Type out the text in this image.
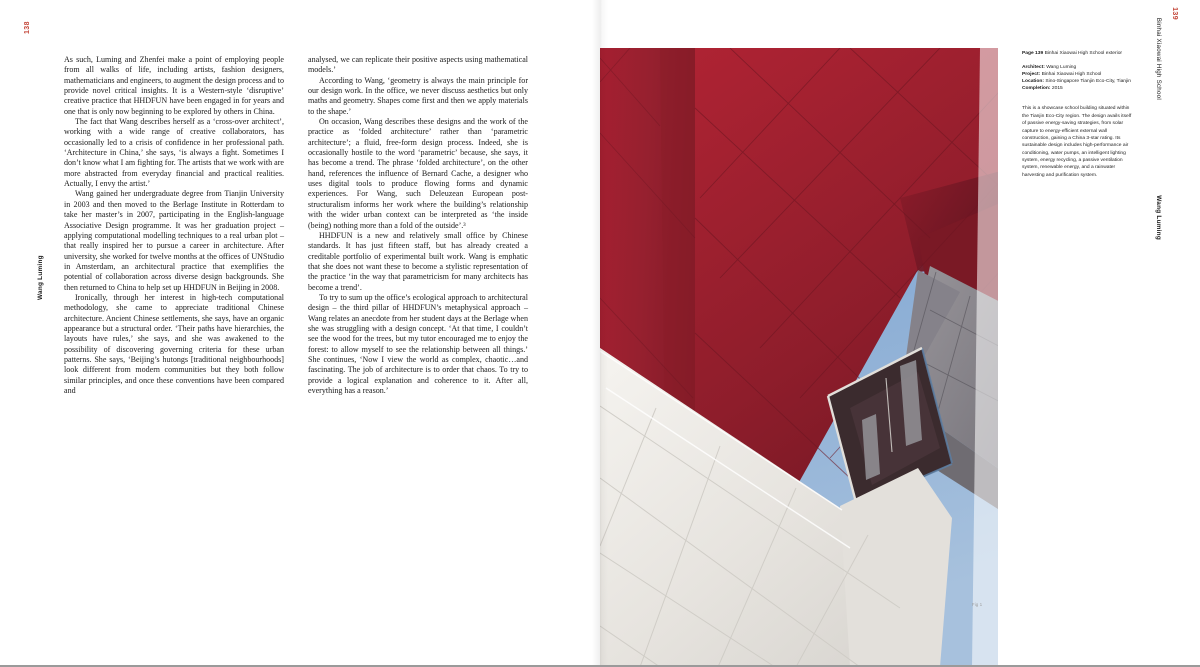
138
Wang Luming

As such, Luming and Zhenfei make a point of employing people from all walks of life, including artists, fashion designers, mathematicians and engineers, to augment the design process and to provide novel critical insights. It is a Western-style ‘disruptive’ creative practice that HHDFUN have been engaged in for years and one that is only now beginning to be explored by others in China.

The fact that Wang describes herself as a ‘cross-over architect’, working with a wide range of creative collaborators, has occasionally led to a crisis of confidence in her professional path. ‘Architecture in China,’ she says, ‘is always a fight. Sometimes I don’t know what I am fighting for. The artists that we work with are more abstracted from everyday financial and practical realities. Actually, I envy the artist.’

Wang gained her undergraduate degree from Tianjin University in 2003 and then moved to the Berlage Institute in Rotterdam to take her master’s in 2007, participating in the English-language Associative Design programme. It was her graduation project – applying computational modelling techniques to a real urban plot – that really inspired her to pursue a career in architecture. After university, she worked for twelve months at the offices of UNStudio in Amsterdam, an architectural practice that exemplifies the potential of collaboration across diverse design backgrounds. She then returned to China to help set up HHDFUN in Beijing in 2008.

Ironically, through her interest in high-tech computational methodology, she came to appreciate traditional Chinese architecture. Ancient Chinese settlements, she says, have an organic appearance but a structural order. ‘Their paths have hierarchies, the layouts have rules,’ she says, and she was awakened to the possibility of discovering governing criteria for these urban patterns. She says, ‘Beijing’s hutongs [traditional neighbourhoods] look different from modern communities but they both follow similar principles, and once these conventions have been compared and

analysed, we can replicate their positive aspects using mathematical models.’

According to Wang, ‘geometry is always the main principle for our design work. In the office, we never discuss aesthetics but only maths and geometry. Shapes come first and then we apply materials to the shape.’

On occasion, Wang describes these designs and the work of the practice as ‘folded architecture’ rather than ‘parametric architecture’; a fluid, free-form design process. Indeed, she is occasionally hostile to the word ‘parametric’ because, she says, it has become a trend. The phrase ‘folded architecture’, on the other hand, references the influence of Bernard Cache, a designer who uses digital tools to produce flowing forms and dynamic experiences. For Wang, such Deleuzean European post-structuralism informs her work where the building’s relationship with the wider urban context can be interpreted as ‘the inside (being) nothing more than a fold of the outside’.³

HHDFUN is a new and relatively small office by Chinese standards. It has just fifteen staff, but has already created a creditable portfolio of experimental built work. Wang is emphatic that she does not want these to become a stylistic representation of the practice ‘in the way that parametricism for many architects has become a trend’.

To try to sum up the office’s ecological approach to architectural design – the third pillar of HHDFUN’s metaphysical approach – Wang relates an anecdote from her student days at the Berlage when she was struggling with a design concept. ‘At that time, I couldn’t see the wood for the trees, but my tutor encouraged me to enjoy the forest: to allow myself to see the relationship between all things.’ She continues, ‘Now I view the world as complex, chaotic…and fascinating. The job of architecture is to order that chaos. To try to provide a logical explanation and coherence to it. After all, everything has a reason.’

139
Binhai Xiaowai High School
Wang Luming
Fig 1

Page 139 Binhai Xiaowai High School exterior

Architect: Wang Luming

Project: Binhai Xiaowai High School

Location: Sino-Singapore Tianjin Eco-City, Tianjin

Completion: 2015

This is a showcase school building situated within the Tianjin Eco-City region. The design avails itself of passive energy-saving strategies, from solar capture to energy-efficient external wall construction, gaining a China 3-star rating. Its sustainable design includes high-performance air conditioning, water pumps, an intelligent lighting system, energy recycling, a passive ventilation system, renewable energy, and a rainwater harvesting and purification system.
